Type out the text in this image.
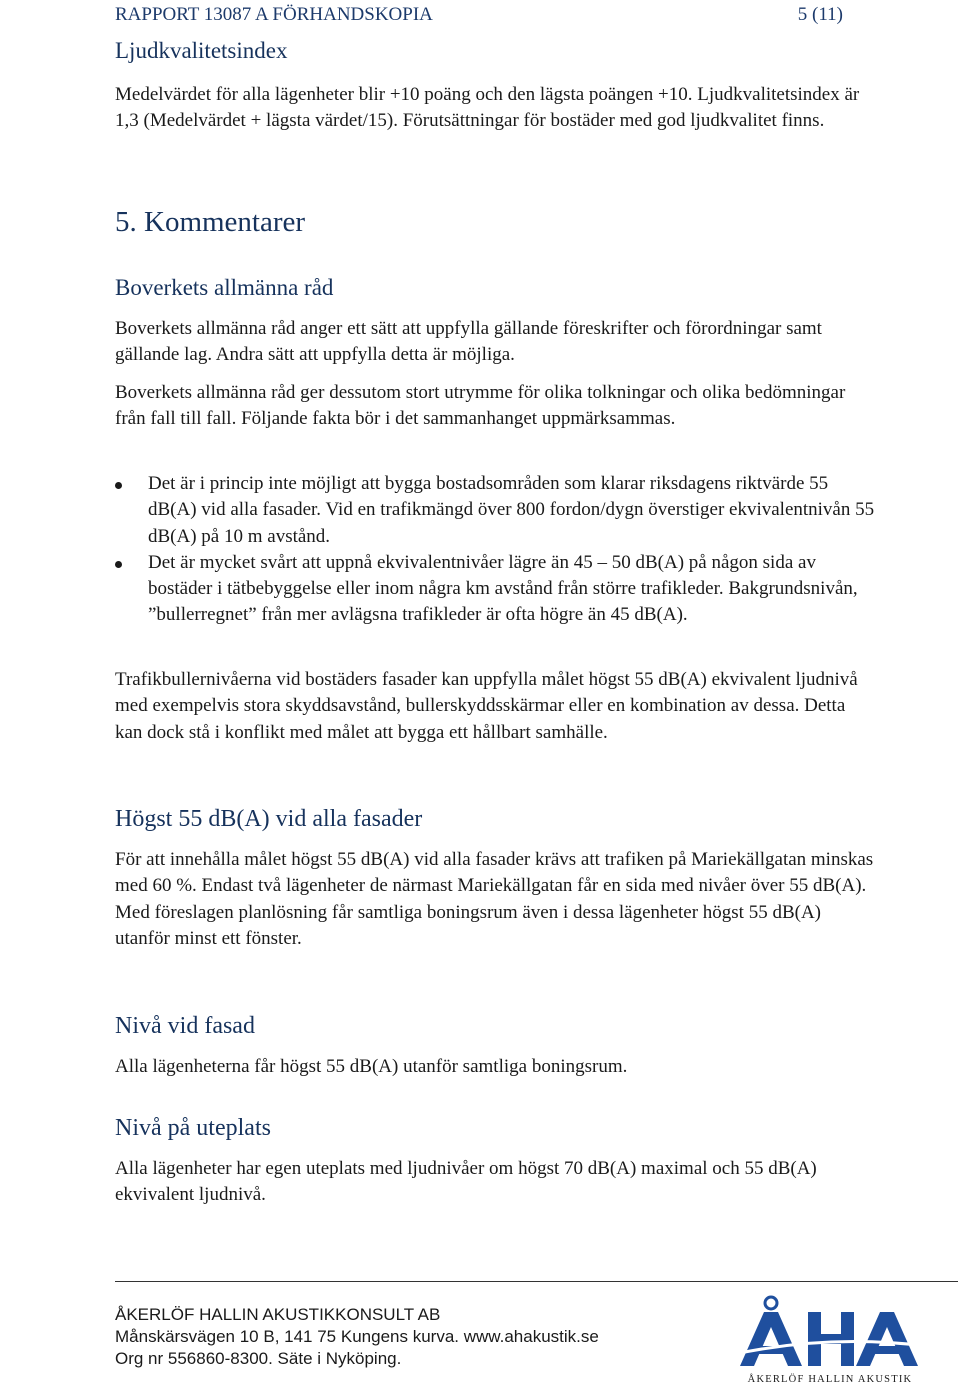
RAPPORT 13087 A FÖRHANDSKOPIA	5 (11)
Ljudkvalitetsindex

Medelvärdet för alla lägenheter blir +10 poäng och den lägsta poängen +10. Ljudkvalitetsindex är 1,3 (Medelvärdet + lägsta värdet/15). Förutsättningar för bostäder med god ljudkvalitet finns.

5. Kommentarer
Boverkets allmänna råd

Boverkets allmänna råd anger ett sätt att uppfylla gällande föreskrifter och förordningar samt gällande lag. Andra sätt att uppfylla detta är möjliga.

Boverkets allmänna råd ger dessutom stort utrymme för olika tolkningar och olika bedömningar från fall till fall. Följande fakta bör i det sammanhanget uppmärksammas.

Det är i princip inte möjligt att bygga bostadsområden som klarar riksdagens riktvärde 55 dB(A) vid alla fasader. Vid en trafikmängd över 800 fordon/dygn överstiger ekvivalentnivån 55 dB(A) på 10 m avstånd.
Det är mycket svårt att uppnå ekvivalentnivåer lägre än 45 – 50 dB(A) på någon sida av bostäder i tätbebyggelse eller inom några km avstånd från större trafikleder. Bakgrundsnivån, ”bullerregnet” från mer avlägsna trafikleder är ofta högre än 45 dB(A).

Trafikbullernivåerna vid bostäders fasader kan uppfylla målet högst 55 dB(A) ekvivalent ljudnivå med exempelvis stora skyddsavstånd, bullerskyddsskärmar eller en kombination av dessa. Detta kan dock stå i konflikt med målet att bygga ett hållbart samhälle.

Högst 55 dB(A) vid alla fasader

För att innehålla målet högst 55 dB(A) vid alla fasader krävs att trafiken på Mariekällgatan minskas med 60 %. Endast två lägenheter de närmast Mariekällgatan får en sida med nivåer över 55 dB(A). Med föreslagen planlösning får samtliga boningsrum även i dessa lägenheter högst 55 dB(A) utanför minst ett fönster.

Nivå vid fasad

Alla lägenheterna får högst 55 dB(A) utanför samtliga boningsrum.

Nivå på uteplats

Alla lägenheter har egen uteplats med ljudnivåer om högst 70 dB(A) maximal och 55 dB(A) ekvivalent ljudnivå.

ÅKERLÖF HALLIN AKUSTIKKONSULT AB
Månskärsvägen 10 B, 141 75 Kungens kurva. www.ahakustik.se
Org nr 556860-8300. Säte i Nyköping.
ÅKERLÖF HALLIN AKUSTIK
